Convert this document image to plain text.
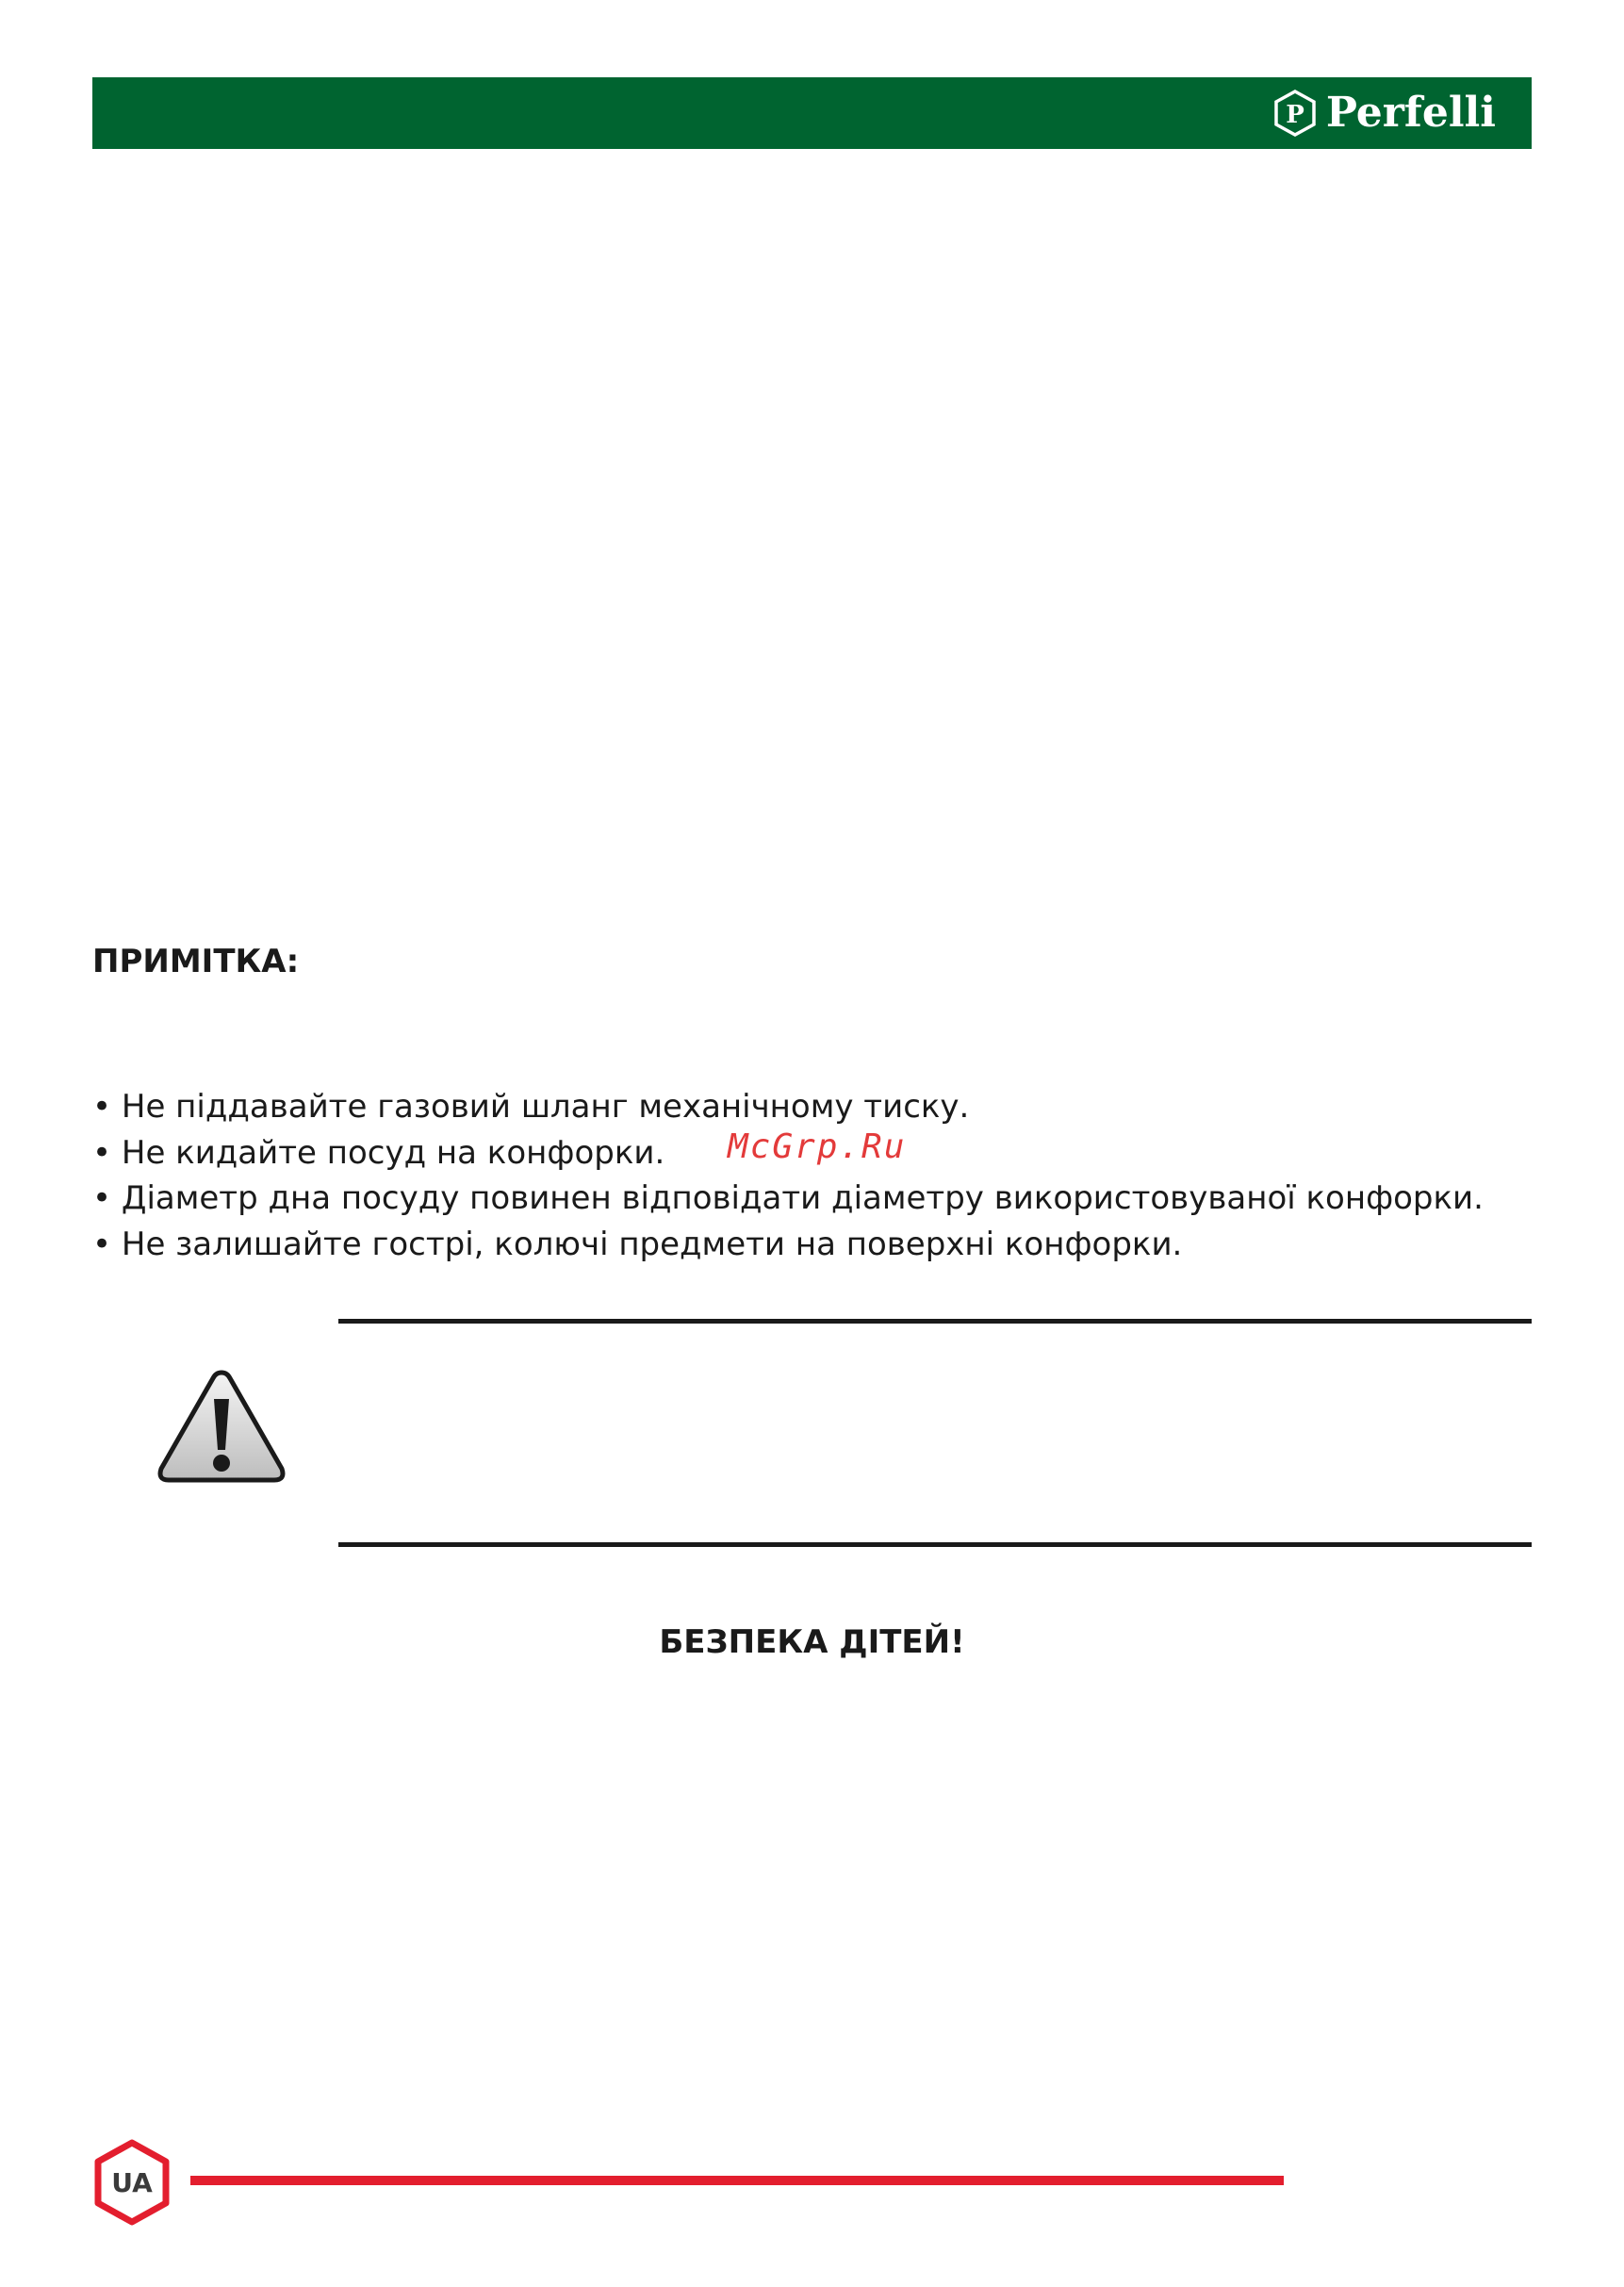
P Perfelli
ПРИМІТКА:
• Не піддавайте газовий шланг механічному тиску.
• Не кидайте посуд на конфорки.
• Діаметр дна посуду повинен відповідати діаметру використовуваної конфорки.
• Не залишайте гострі, колючі предмети на поверхні конфорки.
McGrp.Ru
БЕЗПЕКА ДІТЕЙ!
UA
